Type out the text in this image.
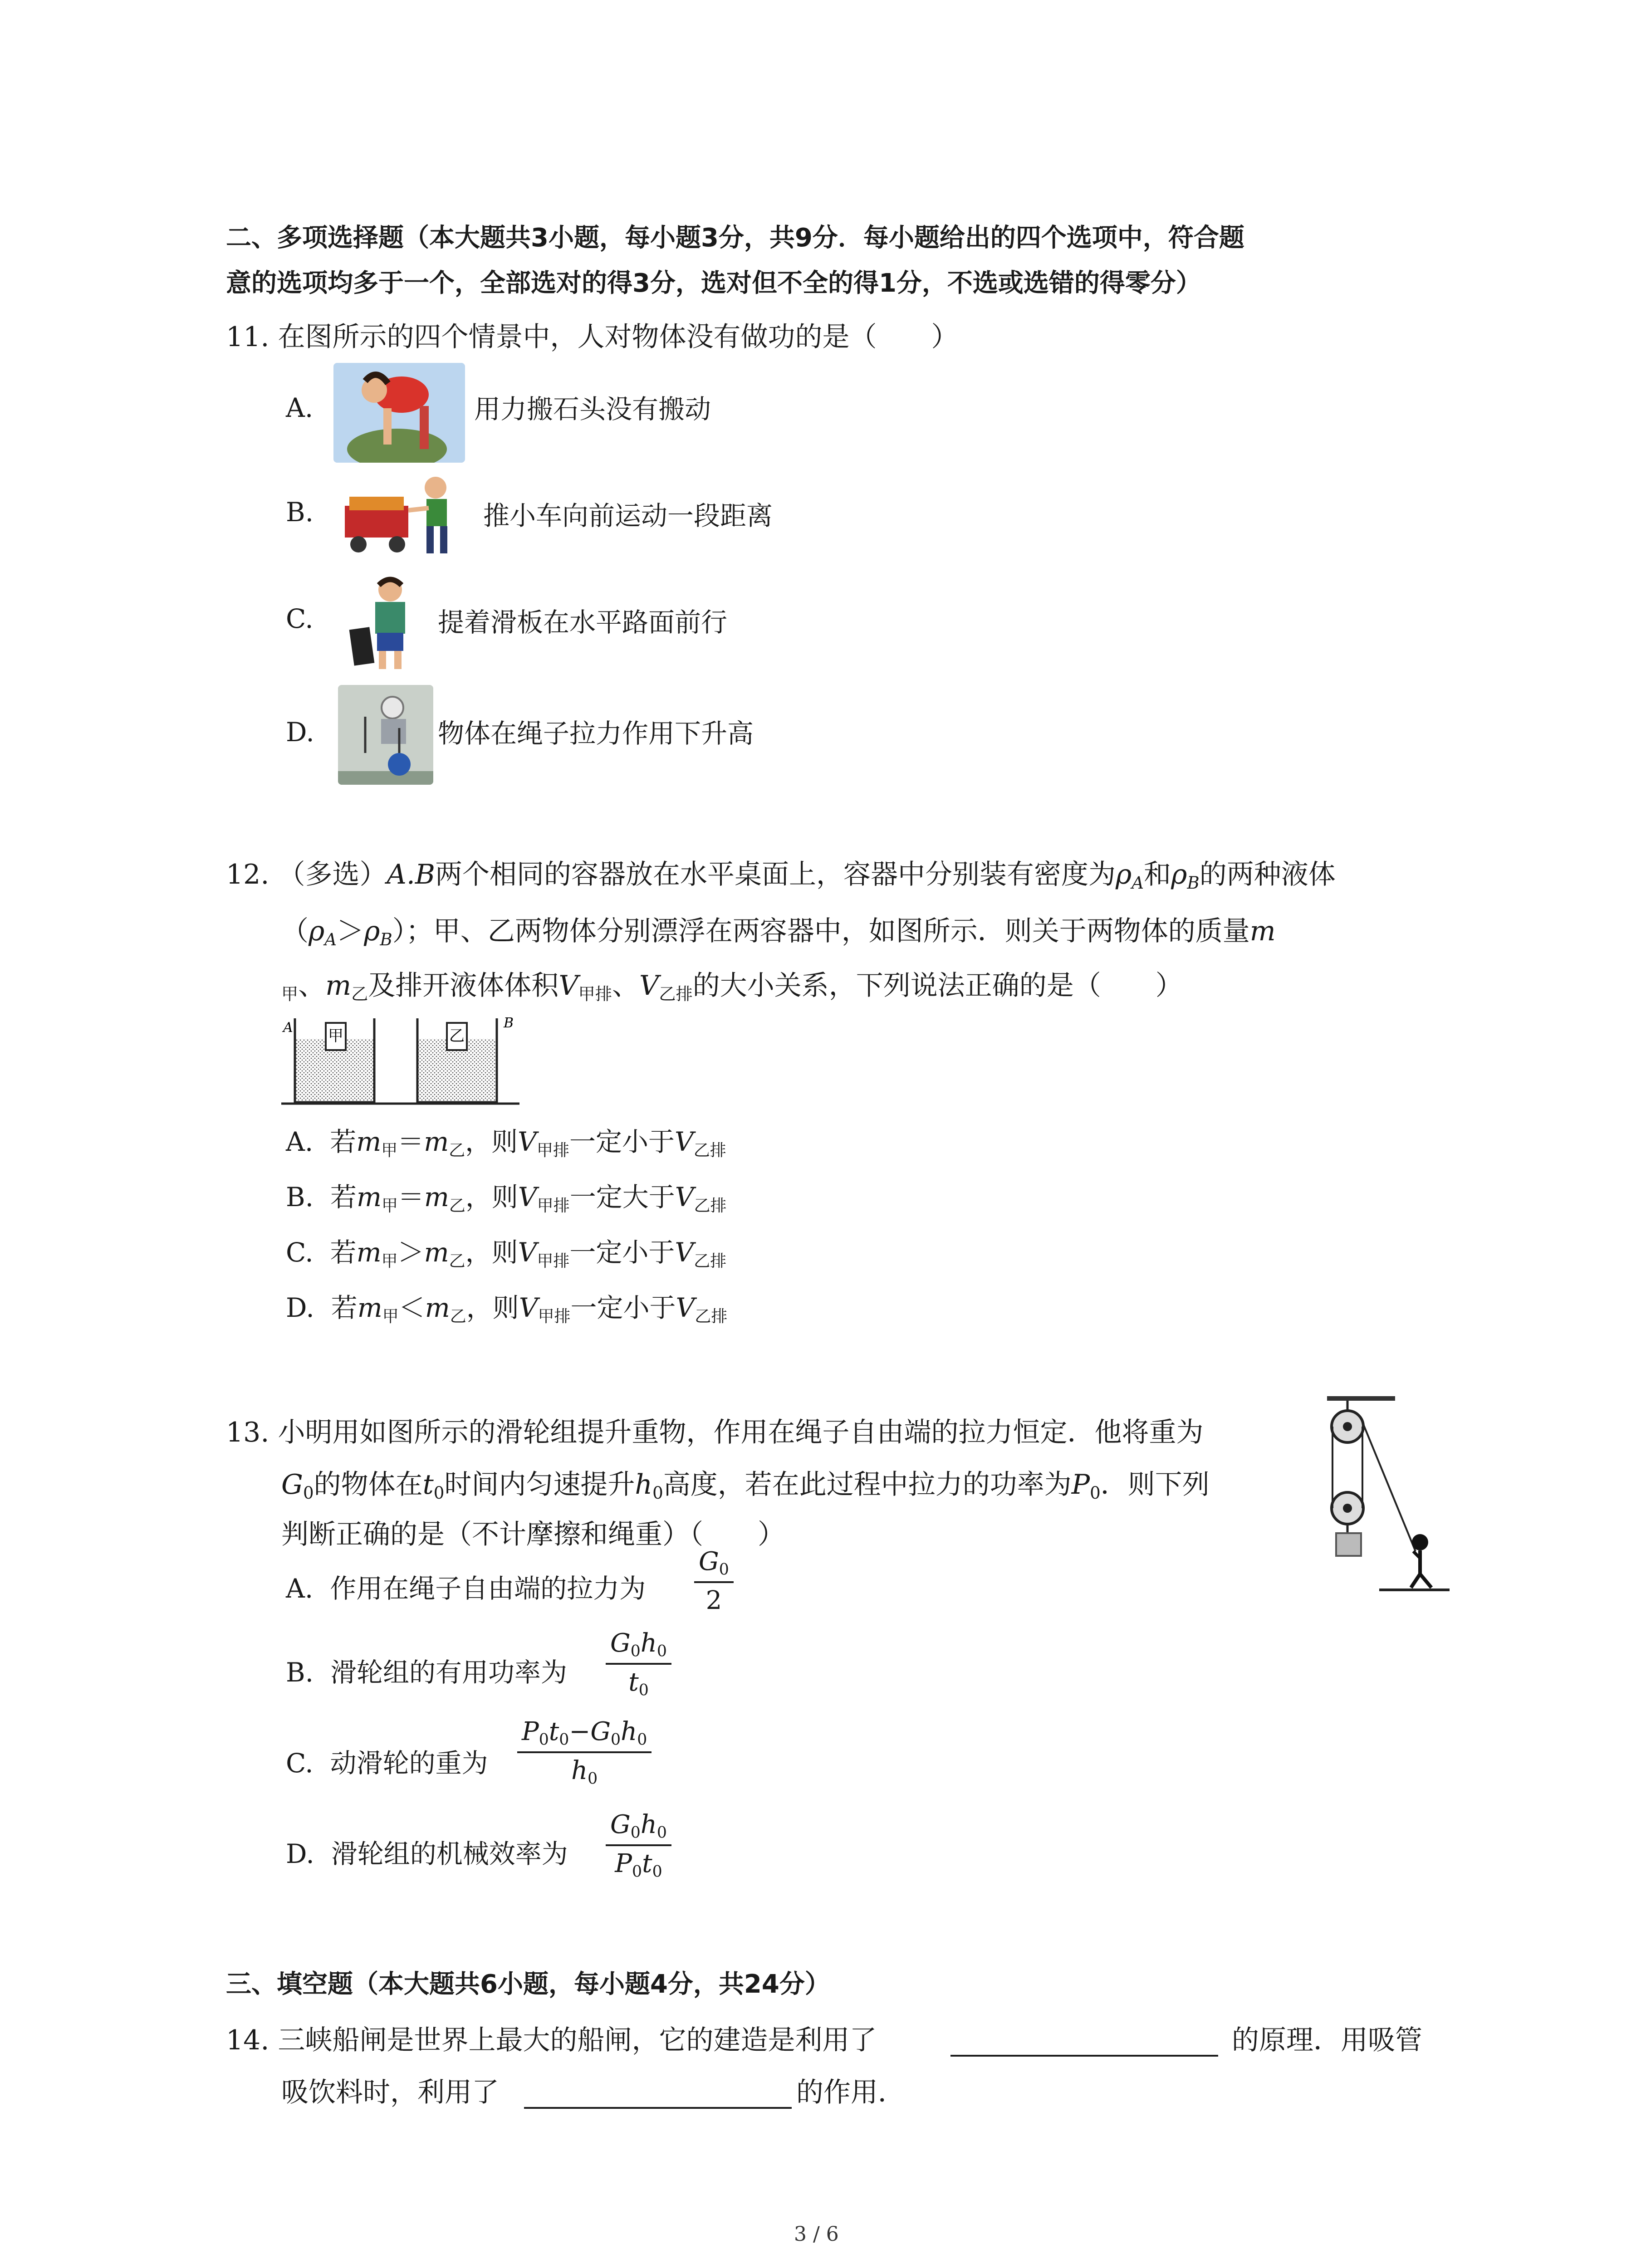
二、多项选择题（本大题共3小题，每小题3分，共9分．每小题给出的四个选项中，符合题
意的选项均多于一个，全部选对的得3分，选对但不全的得1分，不选或选错的得零分）
11. 在图所示的四个情景中，人对物体没有做功的是（　　）
A.	用力搬石头没有搬动
B.	推小车向前运动一段距离
C.	提着滑板在水平路面前行
D.	物体在绳子拉力作用下升高
12. （多选）A.B两个相同的容器放在水平桌面上，容器中分别装有密度为$\rho_A$和$\rho_B$的两种液体
$(\rho_A>\rho_B)$；甲、乙两物体分别漂浮在两容器中，如图所示．则关于两物体的质量m
$_甲$、$m_乙$及排开液体体积$V_{甲排}$、$V_{乙排}$的大小关系，下列说法正确的是（　　）
甲	乙
A	B
A. 若$m_甲=m_乙$，则$V_{甲排}$一定小于$V_{乙排}$
B. 若$m_甲=m_乙$，则$V_{甲排}$一定大于$V_{乙排}$
C. 若$m_甲>m_乙$，则$V_{甲排}$一定小于$V_{乙排}$
D. 若$m_甲<m_乙$，则$V_{甲排}$一定小于$V_{乙排}$
13. 小明用如图所示的滑轮组提升重物，作用在绳子自由端的拉力恒定．他将重为
$G_0$的物体在$t_0$时间内匀速提升$h_0$高度，若在此过程中拉力的功率为$P_0$．则下列
判断正确的是（不计摩擦和绳重）（　　）
A. 作用在绳子自由端的拉力为 $\frac{G_0}{2}$
B. 滑轮组的有用功率为 $\frac{G_0h_0}{t_0}$
C. 动滑轮的重为 $\frac{P_0t_0-G_0h_0}{h_0}$
D. 滑轮组的机械效率为 $\frac{G_0h_0}{P_0t_0}$
三、填空题（本大题共6小题，每小题4分，共24分）
14. 三峡船闸是世界上最大的船闸，它的建造是利用了	的原理．用吸管
吸饮料时，利用了	的作用．
3 / 6
